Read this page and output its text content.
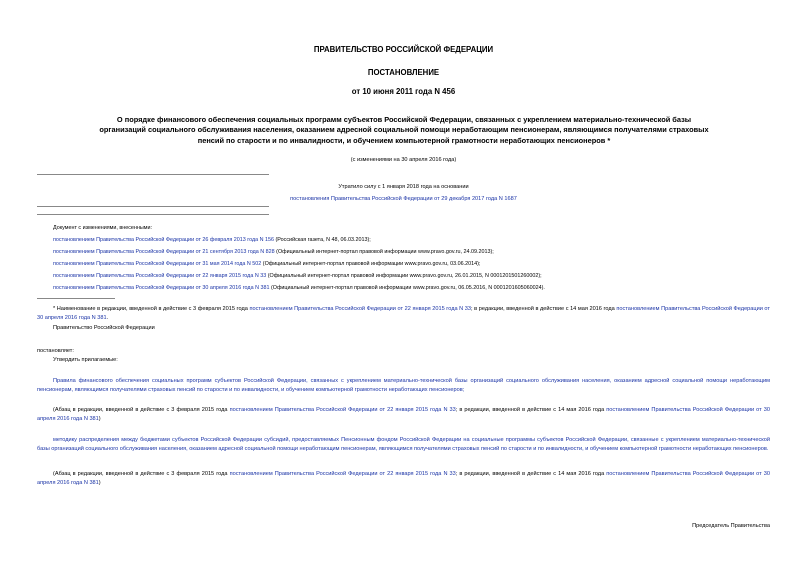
ПРАВИТЕЛЬСТВО РОССИЙСКОЙ ФЕДЕРАЦИИ
ПОСТАНОВЛЕНИЕ
от 10 июня 2011 года N 456
О порядке финансового обеспечения социальных программ субъектов Российской Федерации, связанных с укреплением материально-технической базы
организаций социального обслуживания населения, оказанием адресной социальной помощи неработающим пенсионерам, являющимся получателями страховых
пенсий по старости и по инвалидности, и обучением компьютерной грамотности неработающих пенсионеров *
(с изменениями на 30 апреля 2016 года)
Утратило силу с 1 января 2018 года на основании
постановления Правительства Российской Федерации от 29 декабря 2017 года N 1687
Документ с изменениями, внесенными:
постановлением Правительства Российской Федерации от 26 февраля 2013 года N 156 (Российская газета, N 48, 06.03.2013);
постановлением Правительства Российской Федерации от 21 сентября 2013 года N 828 (Официальный интернет-портал правовой информации www.pravo.gov.ru, 24.09.2013);
постановлением Правительства Российской Федерации от 31 мая 2014 года N 502 (Официальный интернет-портал правовой информации www.pravo.gov.ru, 03.06.2014);
постановлением Правительства Российской Федерации от 22 января 2015 года N 33 (Официальный интернет-портал правовой информации www.pravo.gov.ru, 26.01.2015, N 0001201501260002);
постановлением Правительства Российской Федерации от 30 апреля 2016 года N 381 (Официальный интернет-портал правовой информации www.pravo.gov.ru, 06.05.2016, N 0001201605060024).
* Наименование в редакции, введенной в действие с 3 февраля 2015 года постановлением Правительства Российской Федерации от 22 января 2015 года N 33; в редакции, введенной в действие с 14 мая 2016 года постановлением Правительства Российской Федерации от 30 апреля 2016 года N 381.
Правительство Российской Федерации
постановляет:
Утвердить прилагаемые:
Правила финансового обеспечения социальных программ субъектов Российской Федерации, связанных с укреплением материально-технической базы организаций социального обслуживания населения, оказанием адресной социальной помощи неработающим пенсионерам, являющимся получателями страховых пенсий по старости и по инвалидности, и обучением компьютерной грамотности неработающих пенсионеров;
(Абзац в редакции, введенной в действие с 3 февраля 2015 года постановлением Правительства Российской Федерации от 22 января 2015 года N 33; в редакции, введенной в действие с 14 мая 2016 года постановлением Правительства Российской Федерации от 30 апреля 2016 года N 381)
методику распределения между бюджетами субъектов Российской Федерации субсидий, предоставляемых Пенсионным фондом Российской Федерации на социальные программы субъектов Российской Федерации, связанные с укреплением материально-технической базы организаций социального обслуживания населения, оказанием адресной социальной помощи неработающим пенсионерам, являющимся получателями страховых пенсий по старости и по инвалидности, и обучением компьютерной грамотности неработающих пенсионеров.
(Абзац в редакции, введенной в действие с 3 февраля 2015 года постановлением Правительства Российской Федерации от 22 января 2015 года N 33; в редакции, введенной в действие с 14 мая 2016 года постановлением Правительства Российской Федерации от 30 апреля 2016 года N 381)
Председатель Правительства
